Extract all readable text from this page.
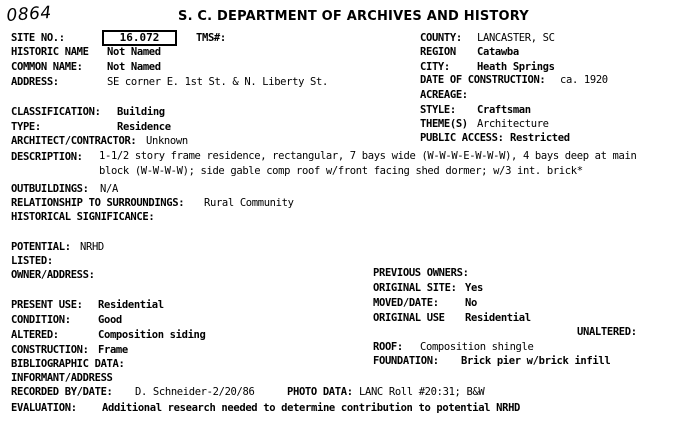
0864	S. C. DEPARTMENT OF ARCHIVES AND HISTORY
SITE NO.:	16.072	TMS#:
HISTORIC NAME Not Named
COMMON NAME: Not Named
ADDRESS:	SE corner E. 1st St. & N. Liberty St.
COUNTY: LANCASTER, SC
REGION Catawba
CITY:	Heath Springs
DATE OF CONSTRUCTION: ca. 1920
ACREAGE:
CLASSIFICATION: Building
TYPE:	Residence
ARCHITECT/CONTRACTOR: Unknown
STYLE: Craftsman
THEME(S) Architecture
PUBLIC ACCESS: Restricted
DESCRIPTION: 1-1/2 story frame residence, rectangular, 7 bays wide (W-W-W-E-W-W-W), 4 bays deep at main
block (W-W-W-W); side gable comp roof w/front facing shed dormer; w/3 int. brick*
OUTBUILDINGS: N/A
RELATIONSHIP TO SURROUNDINGS: Rural Community
HISTORICAL SIGNIFICANCE:
POTENTIAL: NRHD
LISTED:
OWNER/ADDRESS:	PREVIOUS OWNERS:
ORIGINAL SITE: Yes
PRESENT USE: Residential	MOVED/DATE:	No
CONDITION:	Good	ORIGINAL USE Residential
ALTERED:	Composition siding	UNALTERED:
CONSTRUCTION: Frame	ROOF: Composition shingle
BIBLIOGRAPHIC DATA:	FOUNDATION: Brick pier w/brick infill
INFORMANT/ADDRESS
RECORDED BY/DATE: D. Schneider-2/20/86	PHOTO DATA: LANC Roll #20:31; B&W
EVALUATION: Additional research needed to determine contribution to potential NRHD
